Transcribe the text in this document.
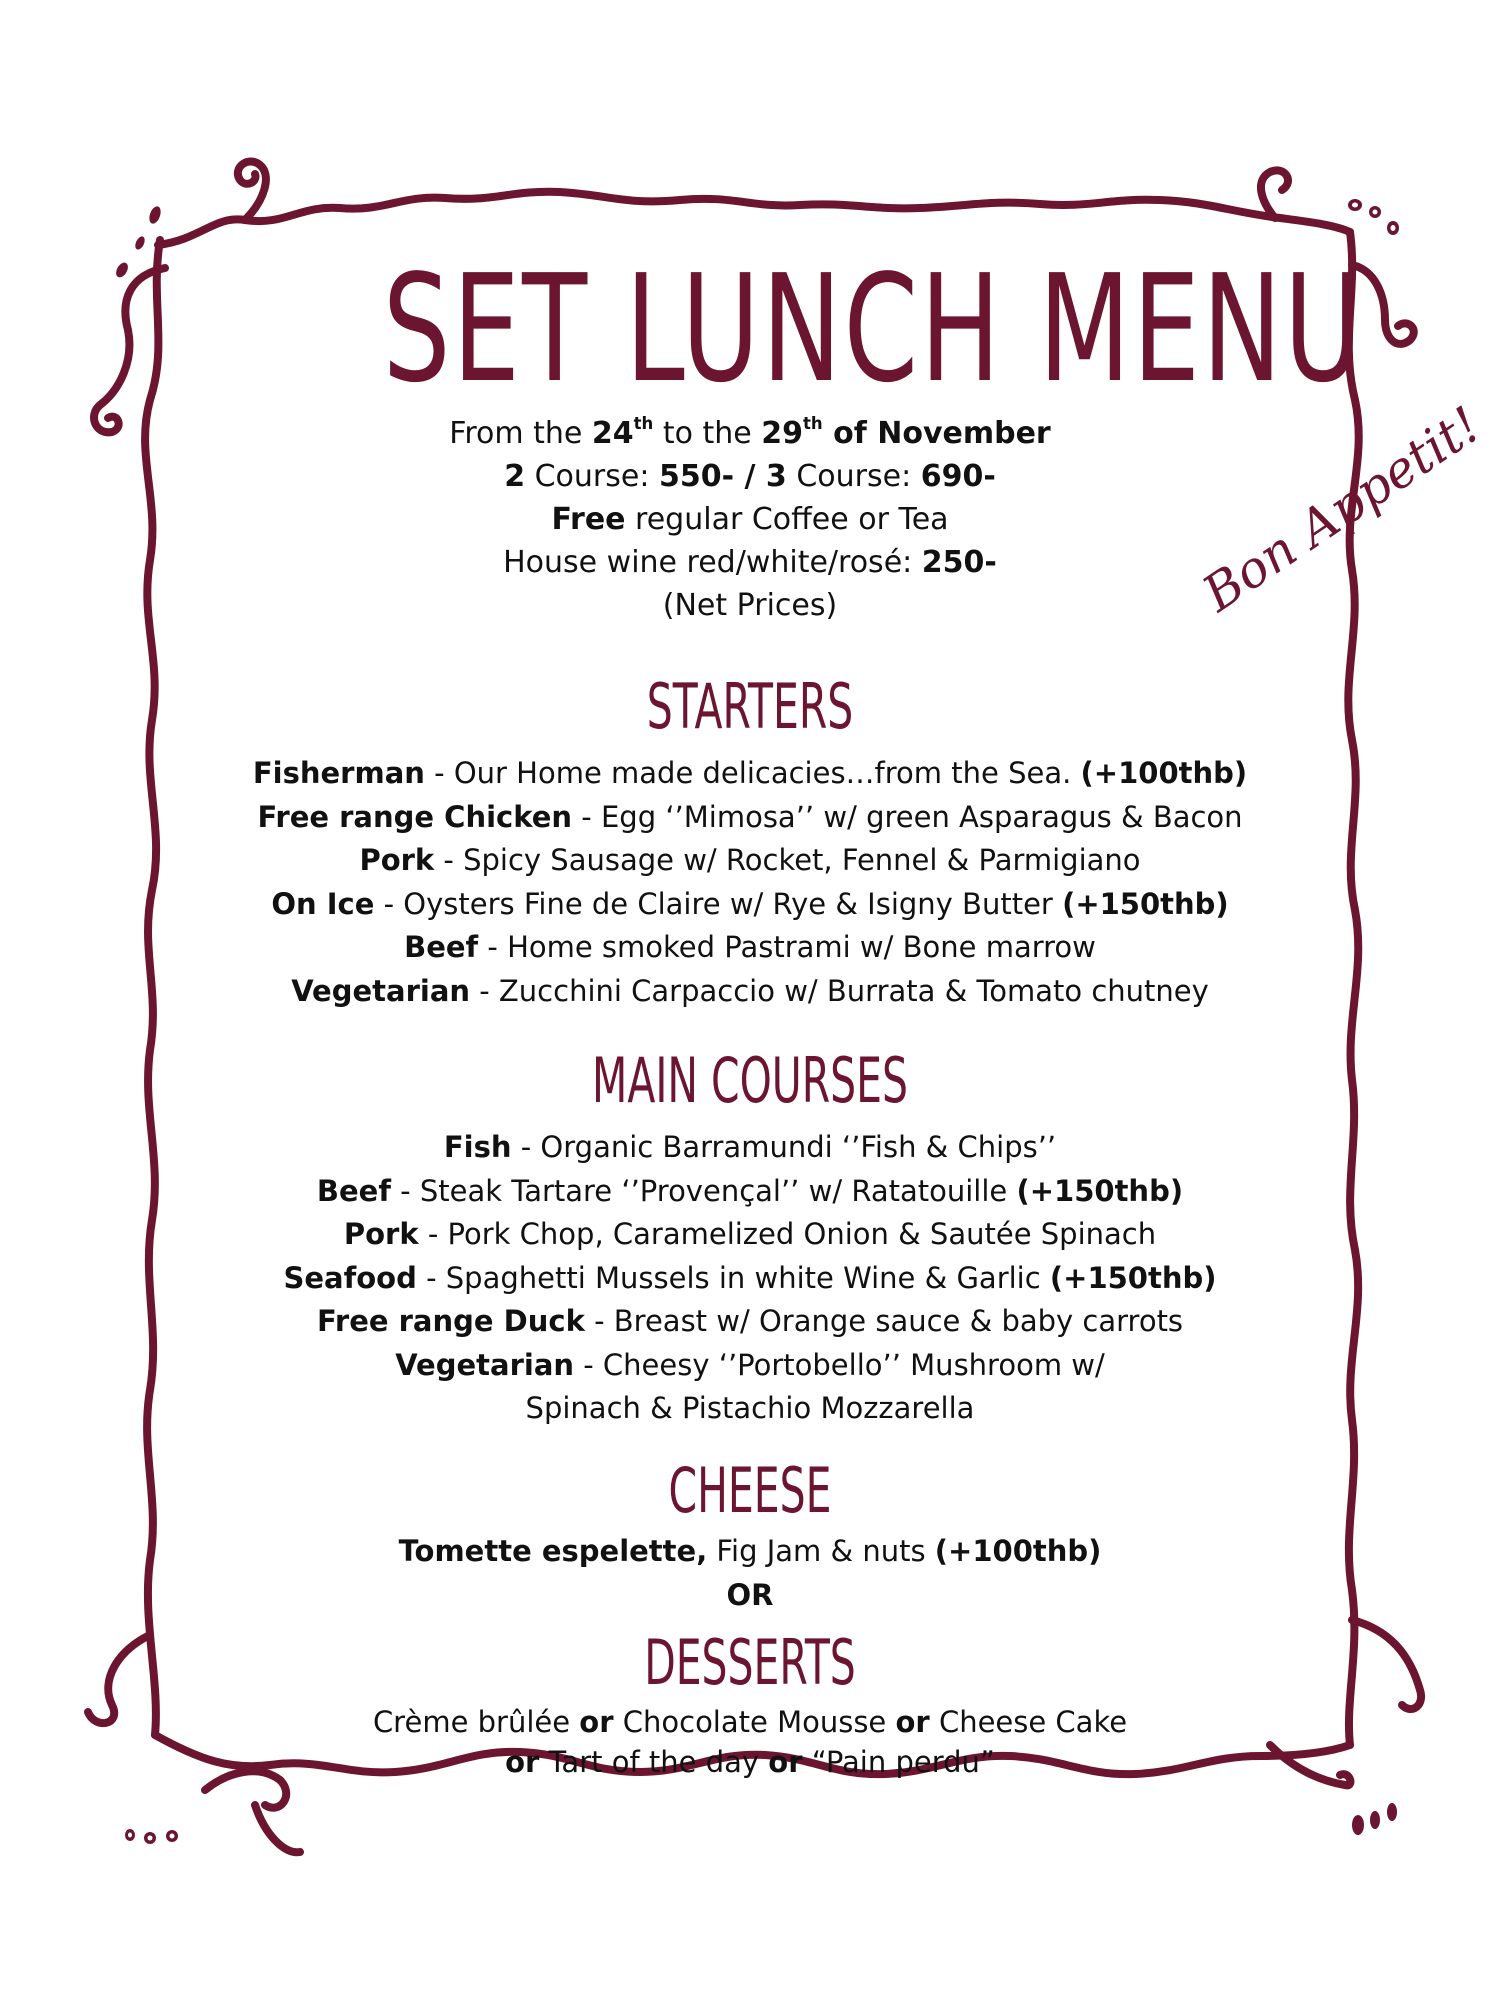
SET LUNCH MENU

From the 24th to the 29th of November

2 Course: 550- / 3 Course: 690-

Free regular Coffee or Tea

House wine red/white/rosé: 250-

(Net Prices)	Bon Appetit!
STARTERS

Fisherman - Our Home made delicacies…from the Sea. (+100thb)

Free range Chicken - Egg ‘’Mimosa’’ w/ green Asparagus & Bacon

Pork - Spicy Sausage w/ Rocket, Fennel & Parmigiano

On Ice - Oysters Fine de Claire w/ Rye & Isigny Butter (+150thb)

Beef - Home smoked Pastrami w/ Bone marrow

Vegetarian - Zucchini Carpaccio w/ Burrata & Tomato chutney

MAIN COURSES

Fish - Organic Barramundi ‘’Fish & Chips’’

Beef - Steak Tartare ‘’Provençal’’ w/ Ratatouille (+150thb)

Pork - Pork Chop, Caramelized Onion & Sautée Spinach

Seafood - Spaghetti Mussels in white Wine & Garlic (+150thb)

Free range Duck - Breast w/ Orange sauce & baby carrots

Vegetarian - Cheesy ‘’Portobello’’ Mushroom w/ Spinach & Pistachio Mozzarella

CHEESE

Tomette espelette, Fig Jam & nuts (+100thb)

OR

DESSERTS

Crème brûlée or Chocolate Mousse or Cheese Cake

or Tart of the day or “Pain perdu”
